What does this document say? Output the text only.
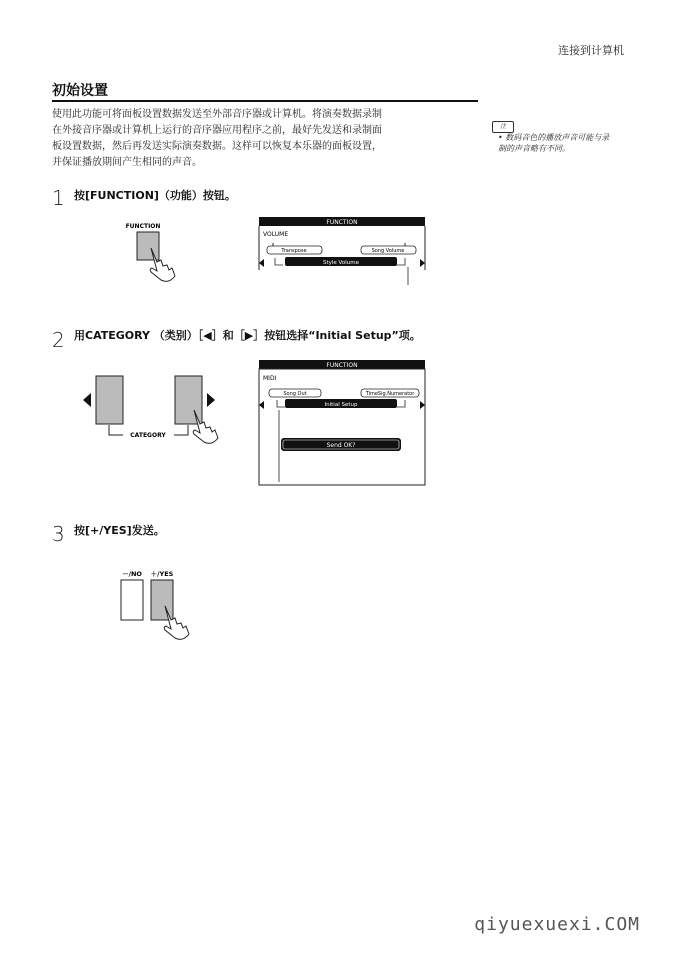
连接到计算机
初始设置
使用此功能可将面板设置数据发送至外部音序器或计算机。将演奏数据录制
在外接音序器或计算机上运行的音序器应用程序之前，最好先发送和录制面
板设置数据，然后再发送实际演奏数据。这样可以恢复本乐器的面板设置，
并保证播放期间产生相同的声音。
注
• 数码音色的播放声音可能与录
制的声音略有不同。
1 按[FUNCTION]（功能）按钮。
FUNCTION
FUNCTION
VOLUME
Transpose	Song Volume
Style Volume
2 用CATEGORY （类别）［◀］和［▶］按钮选择“Initial Setup”项。
CATEGORY
FUNCTION
MIDI
Song Out	TimeSig.Numerator
Initial Setup
Send OK?
3 按[+/YES]发送。
－/NO ＋/YES
qiyuexuexi.COM
